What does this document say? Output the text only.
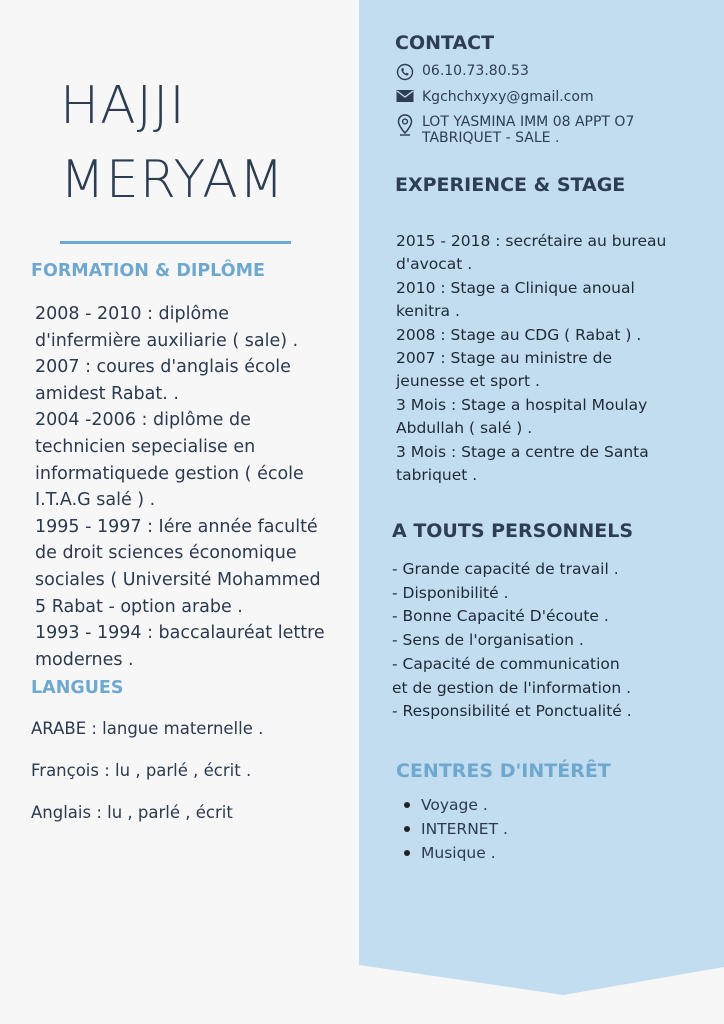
HAJJI
MERYAM
FORMATION & DIPLÔME
2008 - 2010 : diplôme
d'infermière auxiliarie ( sale) .
2007 : coures d'anglais école
amidest Rabat. .
2004 -2006 : diplôme de
technicien sepecialise en
informatiquede gestion ( école
I.T.A.G salé ) .
1995 - 1997 : Iére année faculté
de droit sciences économique
sociales ( Université Mohammed
5 Rabat - option arabe .
1993 - 1994 : baccalauréat lettre
modernes .
LANGUES
ARABE : langue maternelle .
François : lu , parlé , écrit .
Anglais : lu , parlé , écrit
CONTACT
06.10.73.80.53
Kgchchxyxy@gmail.com
LOT YASMINA IMM 08 APPT O7
TABRIQUET - SALE .
EXPERIENCE & STAGE
2015 - 2018 : secrétaire au bureau
d'avocat .
2010 : Stage a Clinique anoual
kenitra .
2008 : Stage au CDG ( Rabat ) .
2007 : Stage au ministre de
jeunesse et sport .
3 Mois : Stage a hospital Moulay
Abdullah ( salé ) .
3 Mois : Stage a centre de Santa
tabriquet .
A TOUTS PERSONNELS
- Grande capacité de travail .
- Disponibilité .
- Bonne Capacité D'écoute .
- Sens de l'organisation .
- Capacité de communication
et de gestion de l'information .
- Responsibilité et Ponctualité .
CENTRES D'INTÉRÊT
Voyage .
INTERNET .
Musique .
